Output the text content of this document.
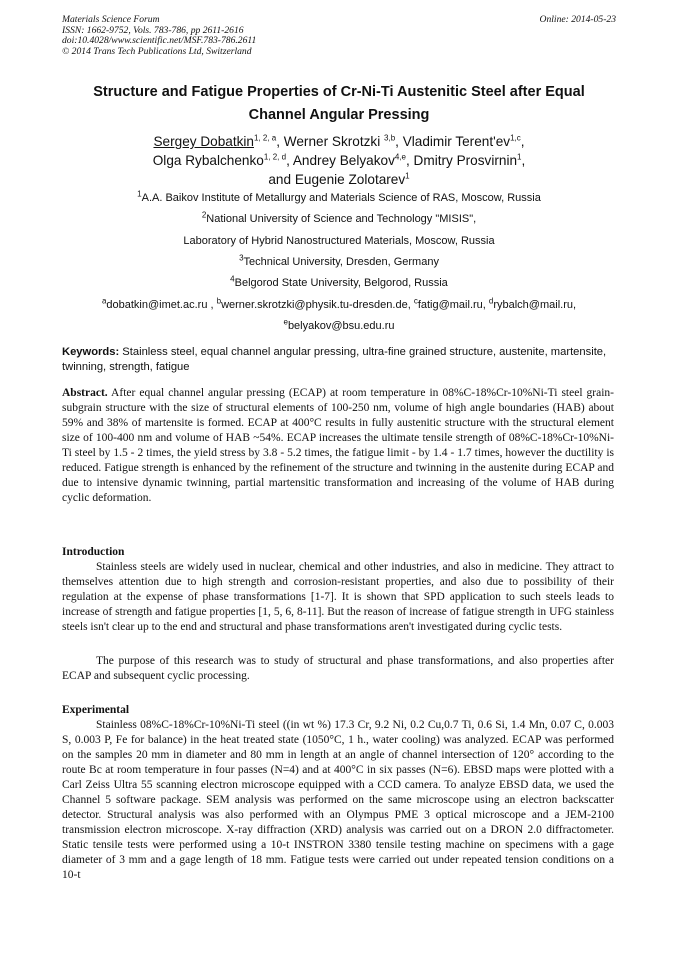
Materials Science Forum
ISSN: 1662-9752, Vols. 783-786, pp 2611-2616
doi:10.4028/www.scientific.net/MSF.783-786.2611
© 2014 Trans Tech Publications Ltd, Switzerland
Online: 2014-05-23
Structure and Fatigue Properties of Cr-Ni-Ti Austenitic Steel after Equal
Channel Angular Pressing
Sergey Dobatkin$^{1, 2, a}$, Werner Skrotzki $^{3,b}$, Vladimir Terent'ev$^{1,c}$,
Olga Rybalchenko$^{1, 2, d}$, Andrey Belyakov$^{4,e}$, Dmitry Prosvirnin$^1$,
and Eugenie Zolotarev$^1$
$^1$A.A. Baikov Institute of Metallurgy and Materials Science of RAS, Moscow, Russia
$^2$National University of Science and Technology "MISIS",
Laboratory of Hybrid Nanostructured Materials, Moscow, Russia
$^3$Technical University, Dresden, Germany
$^4$Belgorod State University, Belgorod, Russia
$^a$dobatkin@imet.ac.ru , $^b$werner.skrotzki@physik.tu-dresden.de, $^c$fatig@mail.ru, $^d$rybalch@mail.ru,
$^e$belyakov@bsu.edu.ru
Keywords: Stainless steel, equal channel angular pressing, ultra-fine grained structure, austenite, martensite, twinning, strength, fatigue
Abstract. After equal channel angular pressing (ECAP) at room temperature in 08%C-18%Cr-10%Ni-Ti steel grain-subgrain structure with the size of structural elements of 100-250 nm, volume of high angle boundaries (HAB) about 59% and 38% of martensite is formed. ECAP at 400°C results in fully austenitic structure with the structural element size of 100-400 nm and volume of HAB ~54%. ECAP increases the ultimate tensile strength of 08%C-18%Cr-10%Ni-Ti steel by 1.5 - 2 times, the yield stress by 3.8 - 5.2 times, the fatigue limit - by 1.4 - 1.7 times, however the ductility is reduced. Fatigue strength is enhanced by the refinement of the structure and twinning in the austenite during ECAP and due to intensive dynamic twinning, partial martensitic transformation and increasing of the volume of HAB during cyclic deformation.
Introduction
Stainless steels are widely used in nuclear, chemical and other industries, and also in medicine. They attract to themselves attention due to high strength and corrosion-resistant properties, and also due to possibility of their regulation at the expense of phase transformations [1-7]. It is shown that SPD application to such steels leads to increase of strength and fatigue properties [1, 5, 6, 8-11]. But the reason of increase of fatigue strength in UFG stainless steels isn't clear up to the end and structural and phase transformations aren't investigated during cyclic tests.
The purpose of this research was to study of structural and phase transformations, and also properties after ECAP and subsequent cyclic processing.
Experimental
Stainless 08%C-18%Cr-10%Ni-Ti steel ((in wt %) 17.3 Cr, 9.2 Ni, 0.2 Cu,0.7 Ti, 0.6 Si, 1.4 Mn, 0.07 C, 0.003 S, 0.003 P, Fe for balance) in the heat treated state (1050°C, 1 h., water cooling) was analyzed. ECAP was performed on the samples 20 mm in diameter and 80 mm in length at an angle of channel intersection of 120° according to the route Bc at room temperature in four passes (N=4) and at 400°C in six passes (N=6). EBSD maps were plotted with a Carl Zeiss Ultra 55 scanning electron microscope equipped with a CCD camera. To analyze EBSD data, we used the Channel 5 software package. SEM analysis was performed on the same microscope using an electron backscatter detector. Structural analysis was also performed with an Olympus PME 3 optical microscope and a JEM-2100 transmission electron microscope. X-ray diffraction (XRD) analysis was carried out on a DRON 2.0 diffractometer. Static tensile tests were performed using a 10-t INSTRON 3380 tensile testing machine on specimens with a gage diameter of 3 mm and a gage length of 18 mm. Fatigue tests were carried out under repeated tension conditions on a 10-t
